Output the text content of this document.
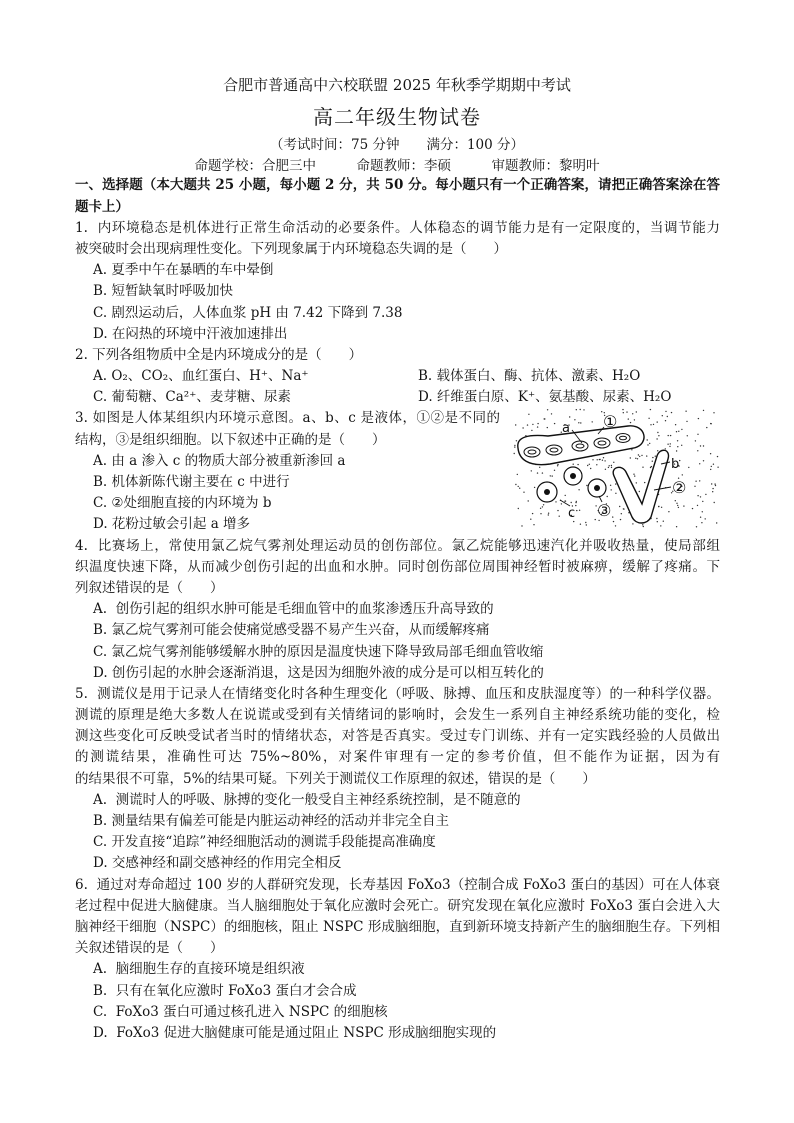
合肥市普通高中六校联盟 2025 年秋季学期期中考试
高二年级生物试卷
（考试时间：75 分钟　　满分：100 分）
命题学校：合肥三中　　　命题教师：李硕　　　审题教师：黎明叶
一、选择题（本大题共 25 小题，每小题 2 分，共 50 分。每小题只有一个正确答案，请把正确答案涂在答
题卡上）
1.  内环境稳态是机体进行正常生命活动的必要条件。人体稳态的调节能力是有一定限度的，当调节能力
被突破时会出现病理性变化。下列现象属于内环境稳态失调的是（　　）
A. 夏季中午在暴晒的车中晕倒
B. 短暂缺氧时呼吸加快
C. 剧烈运动后，人体血浆 pH 由 7.42 下降到 7.38
D. 在闷热的环境中汗液加速排出
2. 下列各组物质中全是内环境成分的是（　　）

A. O₂、CO₂、血红蛋白、H⁺、Na⁺

	B. 载体蛋白、酶、抗体、激素、H₂O

C. 葡萄糖、Ca²⁺、麦芽糖、尿素

	D. 纤维蛋白原、K⁺、氨基酸、尿素、H₂O

3. 如图是人体某组织内环境示意图。a、b、c 是液体，①②是不同的
结构，③是组织细胞。以下叙述中正确的是（　　）
A. 由 a 渗入 c 的物质大部分被重新渗回 a
B. 机体新陈代谢主要在 c 中进行
C. ②处细胞直接的内环境为 b
D. 花粉过敏会引起 a 增多
4.  比赛场上，常使用氯乙烷气雾剂处理运动员的创伤部位。氯乙烷能够迅速汽化并吸收热量，使局部组
织温度快速下降，从而减少创伤引起的出血和水肿。同时创伤部位周围神经暂时被麻痹，缓解了疼痛。下
列叙述错误的是（　　）
A.  创伤引起的组织水肿可能是毛细血管中的血浆渗透压升高导致的
B. 氯乙烷气雾剂可能会使痛觉感受器不易产生兴奋，从而缓解疼痛
C. 氯乙烷气雾剂能够缓解水肿的原因是温度快速下降导致局部毛细血管收缩
D. 创伤引起的水肿会逐渐消退，这是因为细胞外液的成分是可以相互转化的
5.  测谎仪是用于记录人在情绪变化时各种生理变化（呼吸、脉搏、血压和皮肤湿度等）的一种科学仪器。
测谎的原理是绝大多数人在说谎或受到有关情绪词的影响时，会发生一系列自主神经系统功能的变化，检
测这些变化可反映受试者当时的情绪状态，对答是否真实。受过专门训练、并有一定实践经验的人员做出
的测谎结果，准确性可达 75%~80%，对案件审理有一定的参考价值，但不能作为证据，因为有
的结果很不可靠，5%的结果可疑。下列关于测谎仪工作原理的叙述，错误的是（　　）
A.  测谎时人的呼吸、脉搏的变化一般受自主神经系统控制，是不随意的
B. 测量结果有偏差可能是内脏运动神经的活动并非完全自主
C. 开发直接“追踪”神经细胞活动的测谎手段能提高准确度
D. 交感神经和副交感神经的作用完全相反
6.  通过对寿命超过 100 岁的人群研究发现，长寿基因 FoXo3（控制合成 FoXo3 蛋白的基因）可在人体衰
老过程中促进大脑健康。当人脑细胞处于氧化应激时会死亡。研究发现在氧化应激时 FoXo3 蛋白会进入大
脑神经干细胞（NSPC）的细胞核，阻止 NSPC 形成脑细胞，直到新环境支持新产生的脑细胞生存。下列相
关叙述错误的是（　　）
A.  脑细胞生存的直接环境是组织液
B.  只有在氧化应激时 FoXo3 蛋白才会合成
C.  FoXo3 蛋白可通过核孔进入 NSPC 的细胞核
D.  FoXo3 促进大脑健康可能是通过阻止 NSPC 形成脑细胞实现的
a ①
b
②
c ③
